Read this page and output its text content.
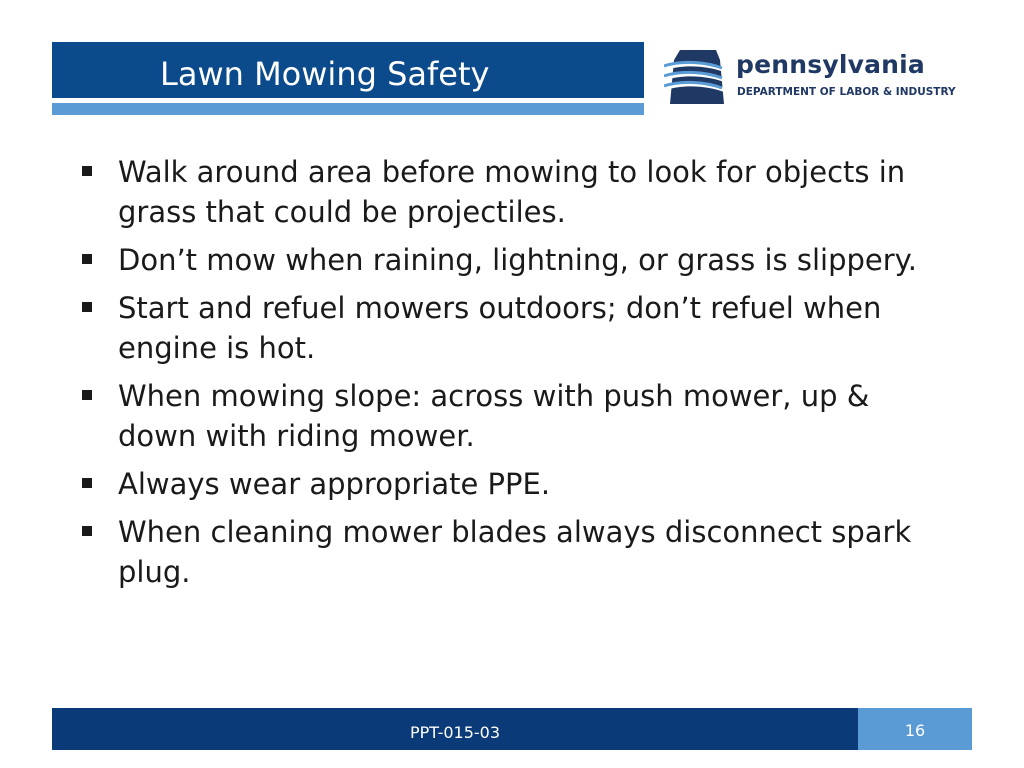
Lawn Mowing Safety	pennsylvania
DEPARTMENT OF LABOR & INDUSTRY
Walk around area before mowing to look for objects in grass that could be projectiles.
Don’t mow when raining, lightning, or grass is slippery.
Start and refuel mowers outdoors; don’t refuel when engine is hot.
When mowing slope: across with push mower, up & down with riding mower.
Always wear appropriate PPE.
When cleaning mower blades always disconnect spark plug.
PPT-015-03	16
